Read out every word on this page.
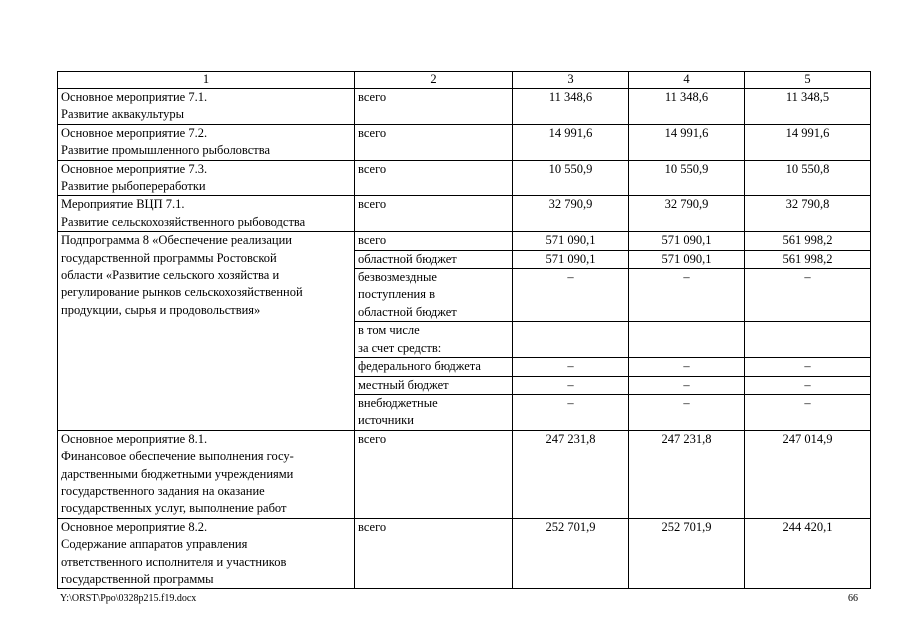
1	2	3	4	5

Основное мероприятие 7.1.
Развитие аквакультуры	всего	11 348,6	11 348,6	11 348,5

Основное мероприятие 7.2.
Развитие промышленного рыболовства	всего	14 991,6	14 991,6	14 991,6

Основное мероприятие 7.3.
Развитие рыбопереработки	всего	10 550,9	10 550,9	10 550,8

Мероприятие ВЦП 7.1.
Развитие сельскохозяйственного рыбоводства	всего	32 790,9	32 790,9	32 790,8

Подпрограмма 8 «Обеспечение реализации
государственной программы Ростовской
области «Развитие сельского хозяйства и
регулирование рынков сельскохозяйственной
продукции, сырья и продовольствия»	всего	571 090,1	571 090,1	561 998,2

	областной бюджет	571 090,1	571 090,1	561 998,2

	безвозмездные
поступления в
областной бюджет	–	–	–

	в том числе
за счет средств:			

	федерального бюджета	–	–	–

	местный бюджет	–	–	–

	внебюджетные
источники	–	–	–

Основное мероприятие 8.1.
Финансовое обеспечение выполнения госу-
дарственными бюджетными учреждениями
государственного задания на оказание
государственных услуг, выполнение работ	всего	247 231,8	247 231,8	247 014,9

Основное мероприятие 8.2.
Содержание аппаратов управления
ответственного исполнителя и участников
государственной программы	всего	252 701,9	252 701,9	244 420,1
Y:\ORST\Ppo\0328p215.f19.docx	66
